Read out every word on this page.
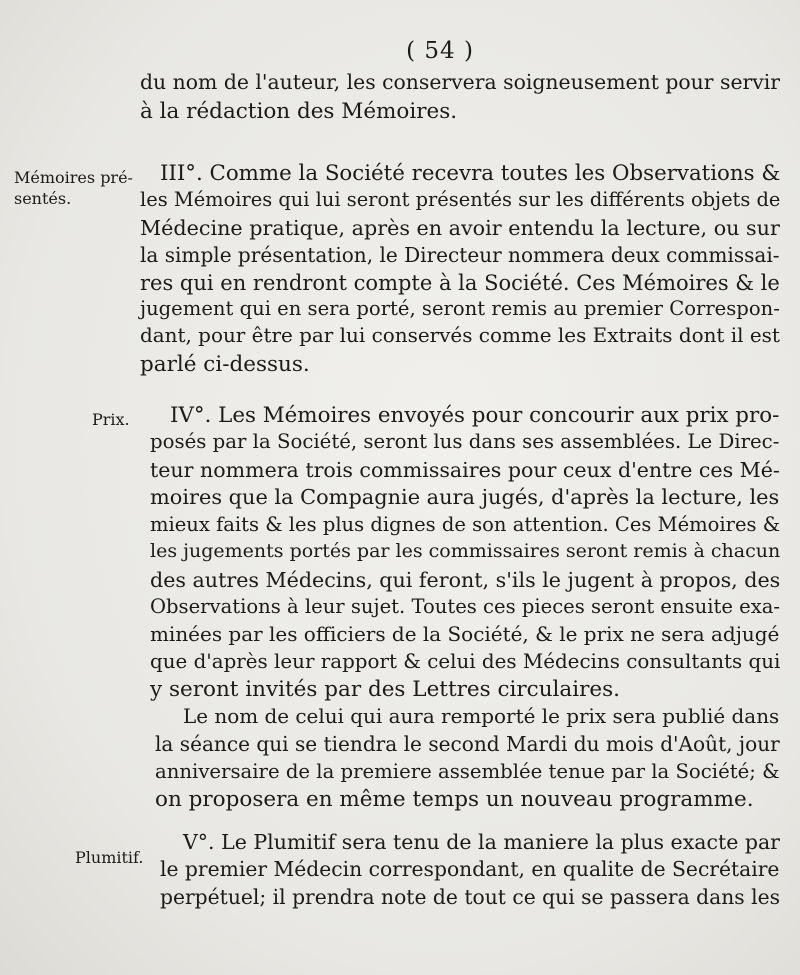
( 54 )
du nom de l'auteur, les conservera soigneusement pour servir
à la rédaction des Mémoires.
Mémoires pré-
sentés.
III°. Comme la Société recevra toutes les Observations &
les Mémoires qui lui seront présentés sur les différents objets de
Médecine pratique, après en avoir entendu la lecture, ou sur
la simple présentation, le Directeur nommera deux commissai-
res qui en rendront compte à la Société. Ces Mémoires & le
jugement qui en sera porté, seront remis au premier Correspon-
dant, pour être par lui conservés comme les Extraits dont il est
parlé ci-dessus.
Prix. IV°. Les Mémoires envoyés pour concourir aux prix pro-
posés par la Société, seront lus dans ses assemblées. Le Direc-
teur nommera trois commissaires pour ceux d'entre ces Mé-
moires que la Compagnie aura jugés, d'après la lecture, les
mieux faits & les plus dignes de son attention. Ces Mémoires &
les jugements portés par les commissaires seront remis à chacun
des autres Médecins, qui feront, s'ils le jugent à propos, des
Observations à leur sujet. Toutes ces pieces seront ensuite exa-
minées par les officiers de la Société, & le prix ne sera adjugé
que d'après leur rapport & celui des Médecins consultants qui
y seront invités par des Lettres circulaires.
Le nom de celui qui aura remporté le prix sera publié dans
la séance qui se tiendra le second Mardi du mois d'Août, jour
anniversaire de la premiere assemblée tenue par la Société; &
on proposera en même temps un nouveau programme.
Plumitif.
V°. Le Plumitif sera tenu de la maniere la plus exacte par
le premier Médecin correspondant, en qualite de Secrétaire
perpétuel; il prendra note de tout ce qui se passera dans les
